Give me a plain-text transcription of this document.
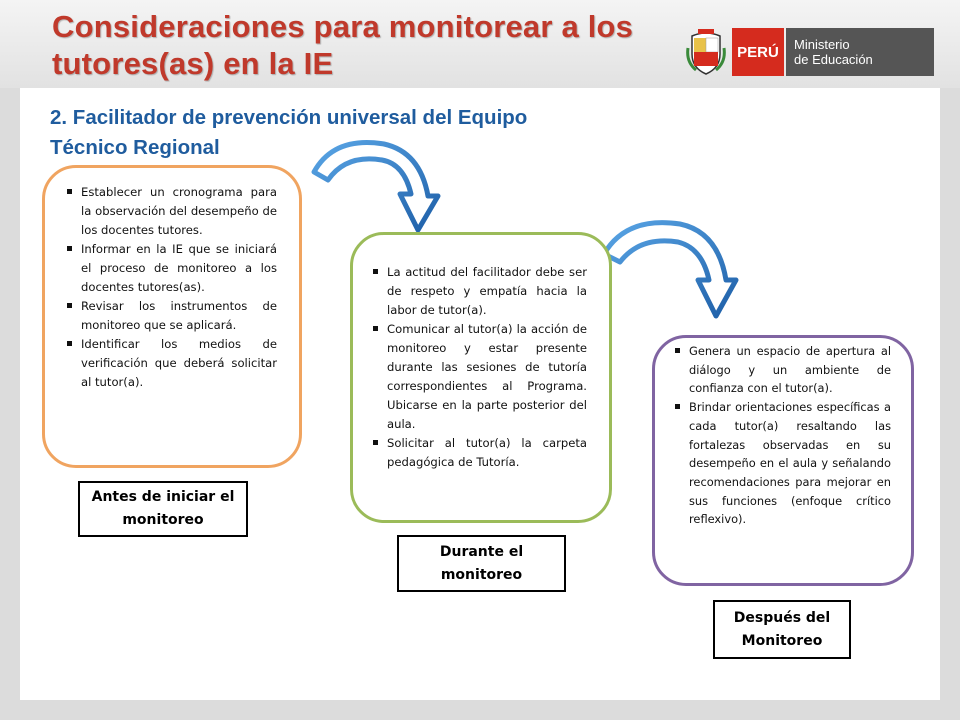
Consideraciones para monitorear a los tutores(as) en la IE	PERÚ	Ministerio
de Educación
2. Facilitador de prevención universal del Equipo Técnico Regional
Establecer un cronograma para la observación del desempeño de los docentes tutores.
Informar en la IE que se iniciará el proceso de monitoreo a los docentes tutores(as).
Revisar los instrumentos de monitoreo que se aplicará.
Identificar los medios de verificación que deberá solicitar al tutor(a).
Antes de iniciar el monitoreo
La actitud del facilitador debe ser de respeto y empatía hacia la labor de tutor(a).
Comunicar al tutor(a) la acción de monitoreo y estar presente durante las sesiones de tutoría correspondientes al Programa. Ubicarse en la parte posterior del aula.
Solicitar al tutor(a) la carpeta pedagógica de Tutoría.
Durante el monitoreo
Genera un espacio de apertura al diálogo y un ambiente de confianza con el tutor(a).
Brindar orientaciones específicas a cada tutor(a) resaltando las fortalezas observadas en su desempeño en el aula y señalando recomendaciones para mejorar en sus funciones (enfoque crítico reflexivo).
Después del Monitoreo
